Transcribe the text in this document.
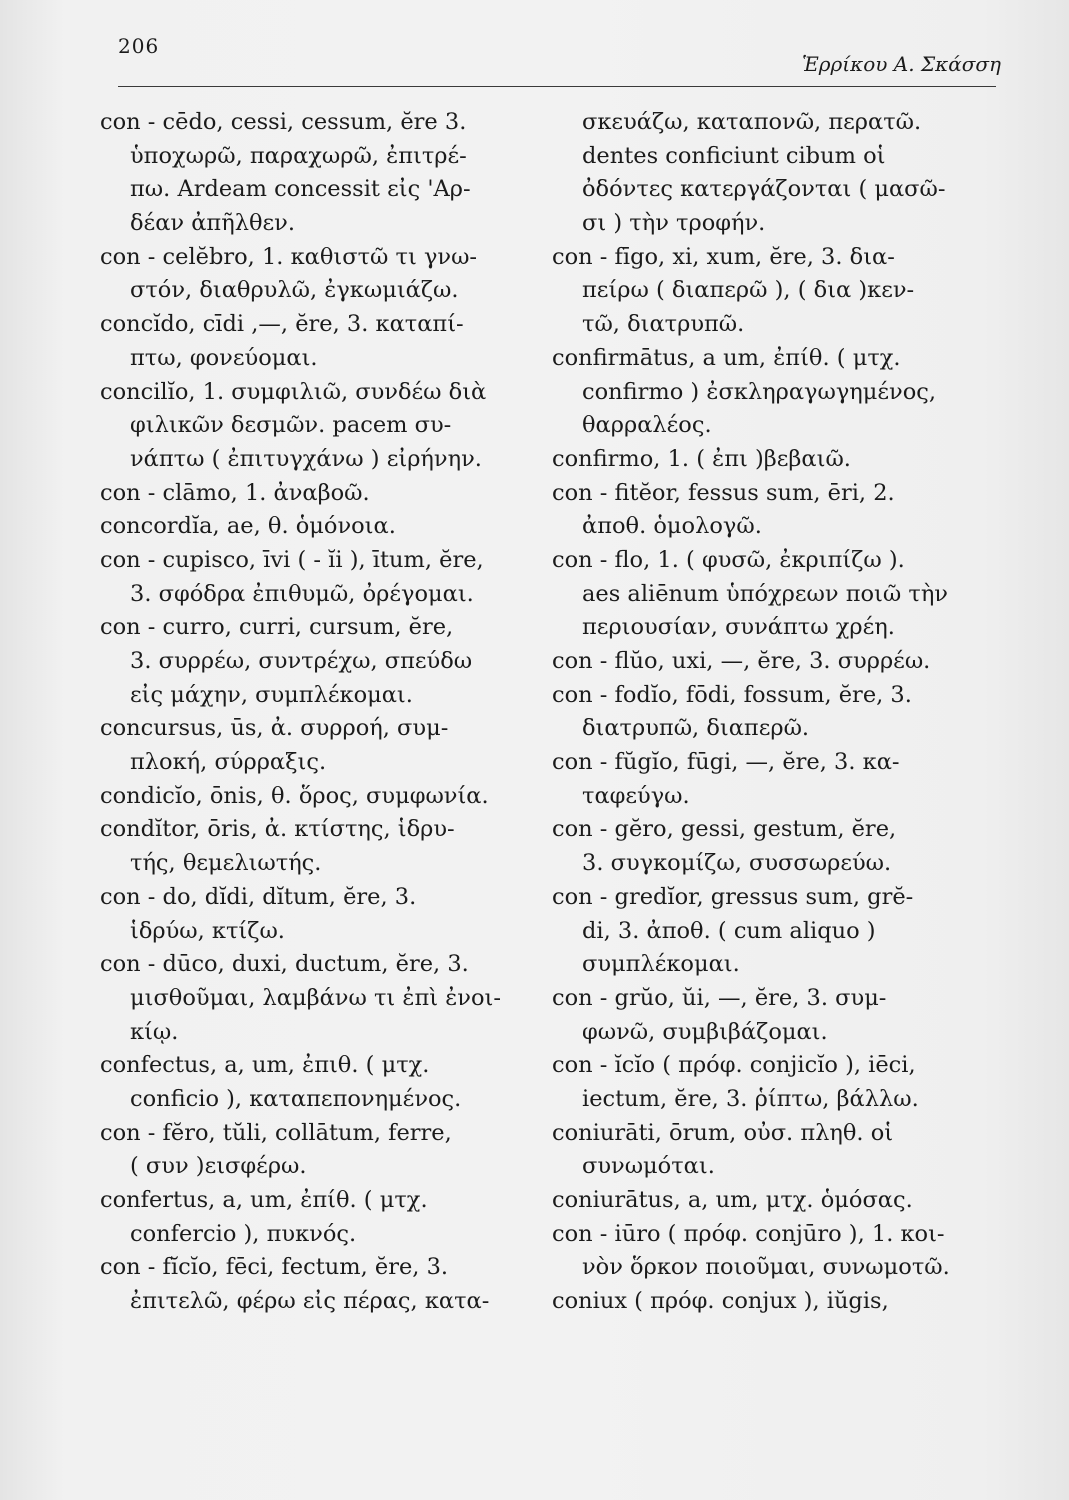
206
Ἑρρίκου Α. Σκάσση
con - cēdo, cessi, cessum, ĕre 3.
ὑποχωρῶ, παραχωρῶ, ἐπιτρέ-
πω. Ardeam concessit εἰς 'Αρ-
δέαν ἀπῆλθεν.
con - celĕbro, 1. καθιστῶ τι γνω-
στόν, διαθρυλῶ, ἐγκωμιάζω.
concĭdo, cīdi ,—, ĕre, 3. καταπί-
πτω, φονεύομαι.
concilĭo, 1. συμφιλιῶ, συνδέω διὰ
φιλικῶν δεσμῶν. pacem συ-
νάπτω ( ἐπιτυγχάνω ) εἰρήνην.
con - clāmo, 1. ἀναβοῶ.
concordĭa, ae, θ. ὁμόνοια.
con - cupisco, īvi ( - ĭi ), ītum, ĕre,
3. σφόδρα ἐπιθυμῶ, ὀρέγομαι.
con - curro, curri, cursum, ĕre,
3. συρρέω, συντρέχω, σπεύδω
εἰς μάχην, συμπλέκομαι.
concursus, ūs, ἀ. συρροή, συμ-
πλοκή, σύρραξις.
condicĭo, ōnis, θ. ὅρος, συμφωνία.
condĭtor, ōris, ἀ. κτίστης, ἱδρυ-
τής, θεμελιωτής.
con - do, dĭdi, dĭtum, ĕre, 3.
ἱδρύω, κτίζω.
con - dūco, duxi, ductum, ĕre, 3.
μισθοῦμαι, λαμβάνω τι ἐπὶ ἐνοι-
κίῳ.
confectus, a, um, ἐπιθ. ( μτχ.
conficio ), καταπεπονημένος.
con - fĕro, tŭli, collātum, ferre,
( συν )εισφέρω.
confertus, a, um, ἐπίθ. ( μτχ.
confercio ), πυκνός.
con - fĭcĭo, fēci, fectum, ĕre, 3.
ἐπιτελῶ, φέρω εἰς πέρας, κατα-
σκευάζω, καταπονῶ, περατῶ.
dentes conficiunt cibum οἱ
ὀδόντες κατεργάζονται ( μασῶ-
σι ) τὴν τροφήν.
con - fīgo, xi, xum, ĕre, 3. δια-
πείρω ( διαπερῶ ), ( δια )κεν-
τῶ, διατρυπῶ.
confirmātus, a um, ἐπίθ. ( μτχ.
confirmo ) ἐσκληραγωγημένος,
θαρραλέος.
confirmo, 1. ( ἐπι )βεβαιῶ.
con - fitĕor, fessus sum, ēri, 2.
ἀποθ. ὁμολογῶ.
con - flo, 1. ( φυσῶ, ἐκριπίζω ).
aes aliēnum ὑπόχρεων ποιῶ τὴν
περιουσίαν, συνάπτω χρέη.
con - flŭo, uxi, —, ĕre, 3. συρρέω.
con - fodĭo, fōdi, fossum, ĕre, 3.
διατρυπῶ, διαπερῶ.
con - fŭgĭo, fūgi, —, ĕre, 3. κα-
ταφεύγω.
con - gĕro, gessi, gestum, ĕre,
3. συγκομίζω, συσσωρεύω.
con - gredĭor, gressus sum, grĕ-
di, 3. ἀποθ. ( cum aliquo )
συμπλέκομαι.
con - grŭo, ŭi, —, ĕre, 3. συμ-
φωνῶ, συμβιβάζομαι.
con - ĭcĭo ( πρόφ. conjicĭo ), iēci,
iectum, ĕre, 3. ῥίπτω, βάλλω.
coniurāti, ōrum, οὐσ. πληθ. οἱ
συνωμόται.
coniurātus, a, um, μτχ. ὁμόσας.
con - iūro ( πρόφ. conjūro ), 1. κοι-
νὸν ὅρκον ποιοῦμαι, συνωμοτῶ.
coniux ( πρόφ. conjux ), iŭgis,
